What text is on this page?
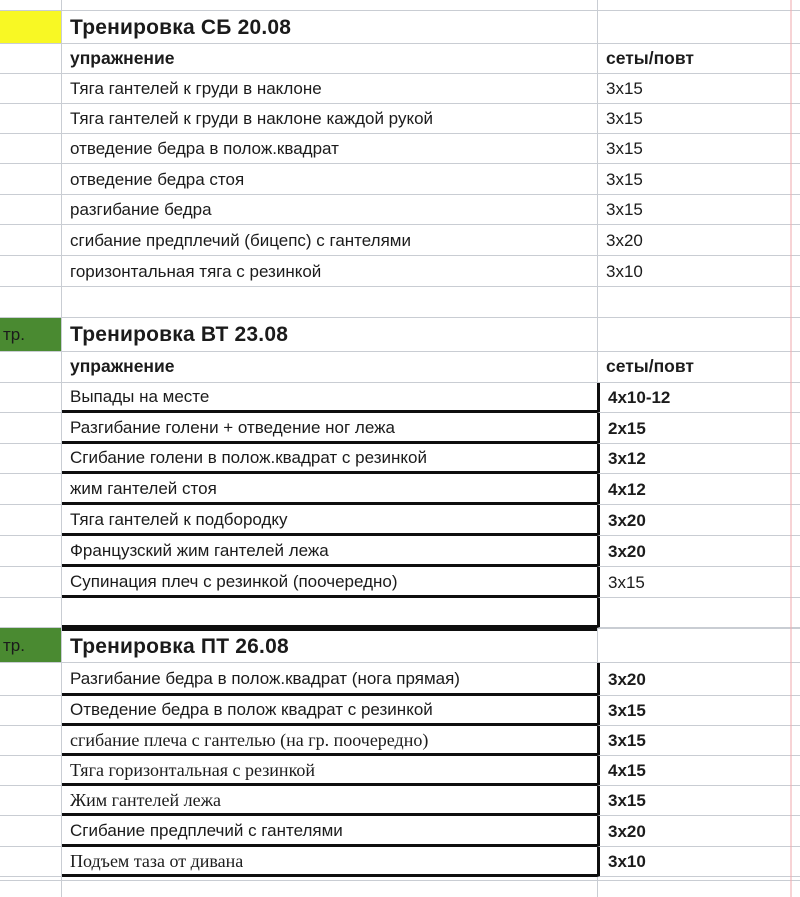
Тренировка СБ 20.08
упражнение	сеты/повт
Тяга гантелей к груди в наклоне	3х15
Тяга гантелей к груди в наклоне каждой рукой	3х15
отведение бедра в полож.квадрат	3х15
отведение бедра стоя	3х15
разгибание бедра	3х15
сгибание предплечий (бицепс) с гантелями	3х20
горизонтальная тяга с резинкой	3х10
тр. Тренировка ВТ 23.08
упражнение	сеты/повт
Выпады на месте	4х10-12
Разгибание голени + отведение ног лежа	2х15
Сгибание голени в полож.квадрат с резинкой	3х12
жим гантелей стоя	4х12
Тяга гантелей к подбородку	3х20
Французский жим гантелей лежа	3х20
Супинация плеч с резинкой (поочередно)	3х15
тр. Тренировка ПТ 26.08
Разгибание бедра в полож.квадрат (нога прямая)	3х20
Отведение бедра в полож квадрат с резинкой	3х15
сгибание плеча с гантелью (на гр. поочередно)	3х15
Тяга горизонтальная с резинкой	4х15
Жим гантелей лежа	3х15
Сгибание предплечий с гантелями	3х20
Подъем таза от дивана	3х10
